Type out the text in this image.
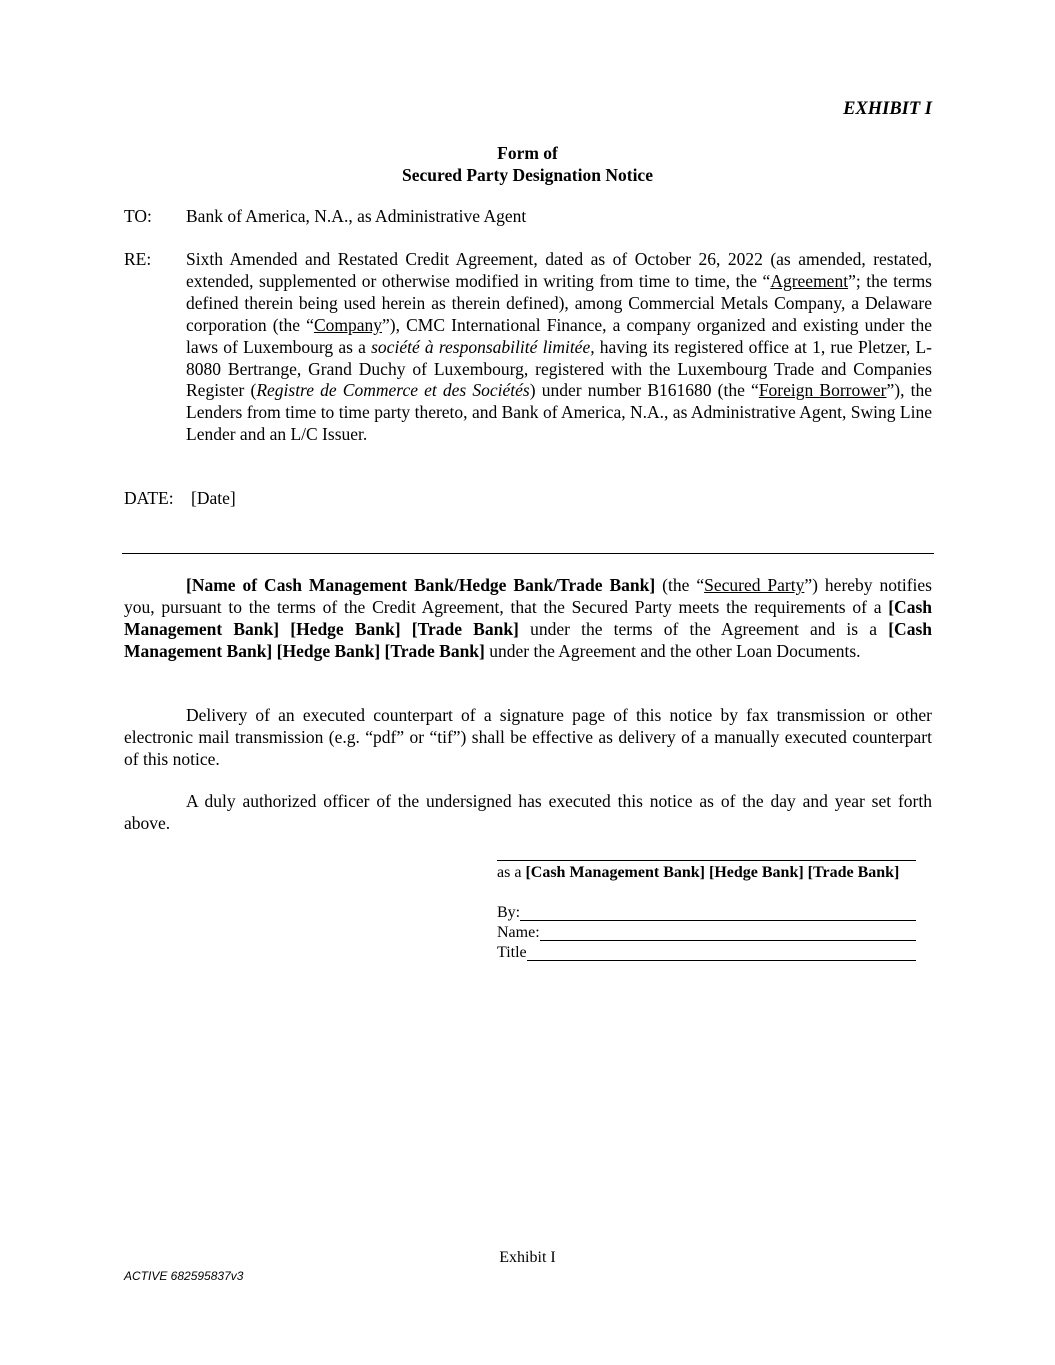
EXHIBIT I
Form of
Secured Party Designation Notice
TO: Bank of America, N.A., as Administrative Agent
RE: Sixth Amended and Restated Credit Agreement, dated as of October 26, 2022 (as amended, restated, extended, supplemented or otherwise modified in writing from time to time, the “Agreement”; the terms defined therein being used herein as therein defined), among Commercial Metals Company, a Delaware corporation (the “Company”), CMC International Finance, a company organized and existing under the laws of Luxembourg as a société à responsabilité limitée, having its registered office at 1, rue Pletzer, L-8080 Bertrange, Grand Duchy of Luxembourg, registered with the Luxembourg Trade and Companies Register (Registre de Commerce et des Sociétés) under number B161680 (the “Foreign Borrower”), the Lenders from time to time party thereto, and Bank of America, N.A., as Administrative Agent, Swing Line Lender and an L/C Issuer.
DATE: [Date]
[Name of Cash Management Bank/Hedge Bank/Trade Bank] (the “Secured Party”) hereby notifies you, pursuant to the terms of the Credit Agreement, that the Secured Party meets the requirements of a [Cash Management Bank] [Hedge Bank] [Trade Bank] under the terms of the Agreement and is a [Cash Management Bank] [Hedge Bank] [Trade Bank] under the Agreement and the other Loan Documents.
Delivery of an executed counterpart of a signature page of this notice by fax transmission or other electronic mail transmission (e.g. “pdf” or “tif”) shall be effective as delivery of a manually executed counterpart of this notice.
A duly authorized officer of the undersigned has executed this notice as of the day and year set forth above.
as a [Cash Management Bank] [Hedge Bank] [Trade Bank]
By:
Name:
Title
Exhibit I
ACTIVE 682595837v3
